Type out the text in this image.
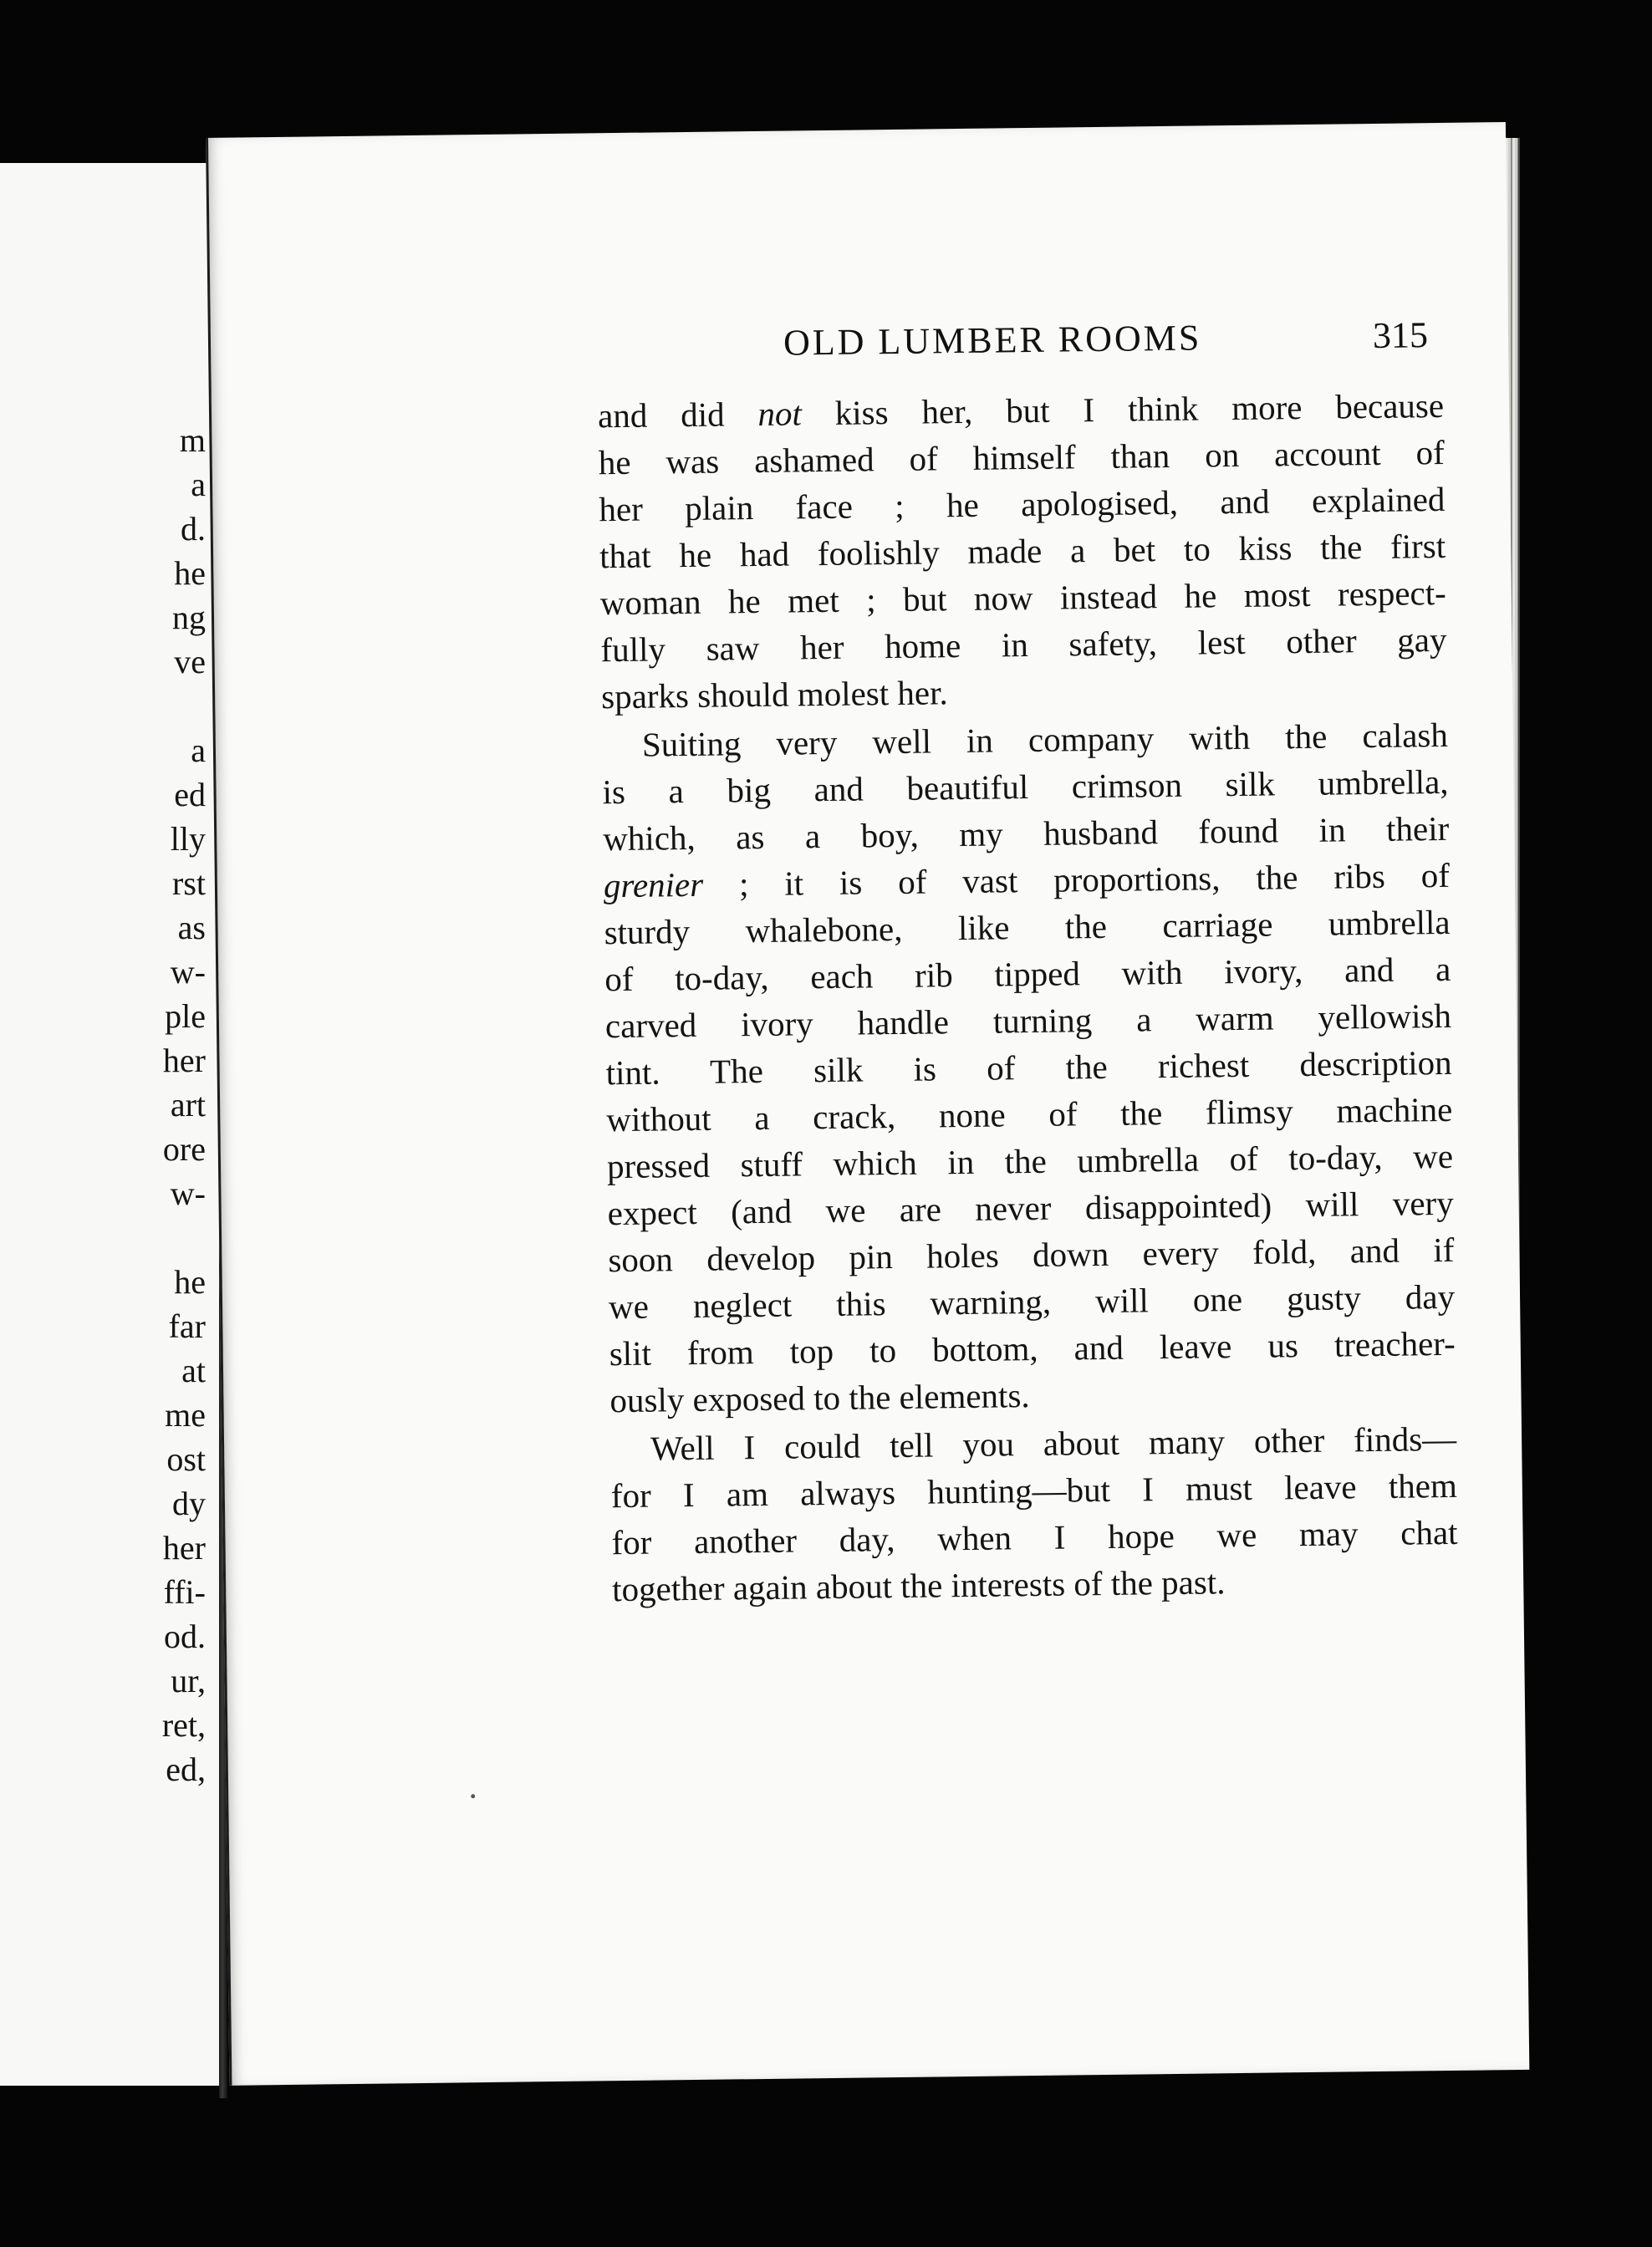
m
a
d.
he
ng
ve

a
ed
lly
rst
as
w-
ple
her
art
ore
w-

he
far
at
me
ost
dy
her
ffi-
od.
ur,
ret,
ed,
OLD LUMBER ROOMS	315
and did not kiss her, but I think more because
he was ashamed of himself than on account of
her plain face ; he apologised, and explained
that he had foolishly made a bet to kiss the first
woman he met ; but now instead he most respect-
fully saw her home in safety, lest other gay
sparks should molest her.
Suiting very well in company with the calash
is a big and beautiful crimson silk umbrella,
which, as a boy, my husband found in their
grenier ; it is of vast proportions, the ribs of
sturdy whalebone, like the carriage umbrella
of to-day, each rib tipped with ivory, and a
carved ivory handle turning a warm yellowish
tint. The silk is of the richest description
without a crack, none of the flimsy machine
pressed stuff which in the umbrella of to-day, we
expect (and we are never disappointed) will very
soon develop pin holes down every fold, and if
we neglect this warning, will one gusty day
slit from top to bottom, and leave us treacher-
ously exposed to the elements.
Well I could tell you about many other finds—
for I am always hunting—but I must leave them
for another day, when I hope we may chat
together again about the interests of the past.
